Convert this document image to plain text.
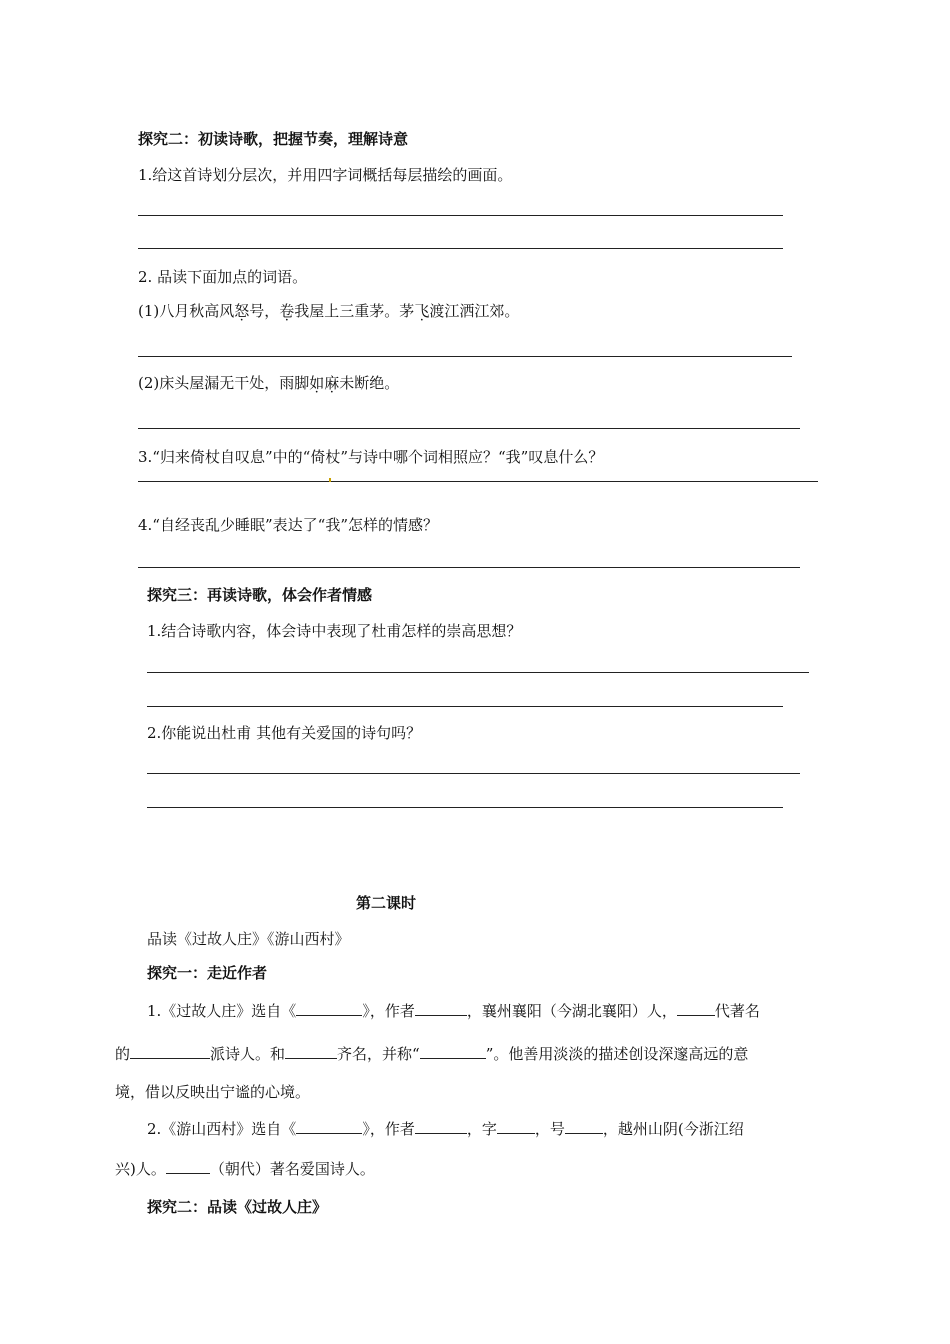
探究二：初读诗歌，把握节奏，理解诗意
1.给这首诗划分层次，并用四字词概括每层描绘的画面。
2. 品读下面加点的词语。
(1)八月秋高风怒号，卷我屋上三重茅。茅飞渡江洒江郊。
(2)床头屋漏无干处，雨脚如麻未断绝。
3.“归来倚杖自叹息”中的“倚杖”与诗中哪个词相照应？“我”叹息什么？
4.“自经丧乱少睡眠”表达了“我”怎样的情感？
探究三：再读诗歌，体会作者情感
1.结合诗歌内容，体会诗中表现了杜甫怎样的崇高思想？
2.你能说出杜甫 其他有关爱国的诗句吗？
第二课时
品读《过故人庄》《游山西村》
探究一：走近作者
1.《过故人庄》选自《	》，作者	，襄州襄阳（今湖北襄阳）人，	代著名
的	派诗人。和	齐名，并称“	”。他善用淡淡的描述创设深邃高远的意
境，借以反映出宁谧的心境。
2.《游山西村》选自《	》，作者	，字	，号	，越州山阴(今浙江绍
兴)人。	（朝代）著名爱国诗人。
探究二：品读《过故人庄》
